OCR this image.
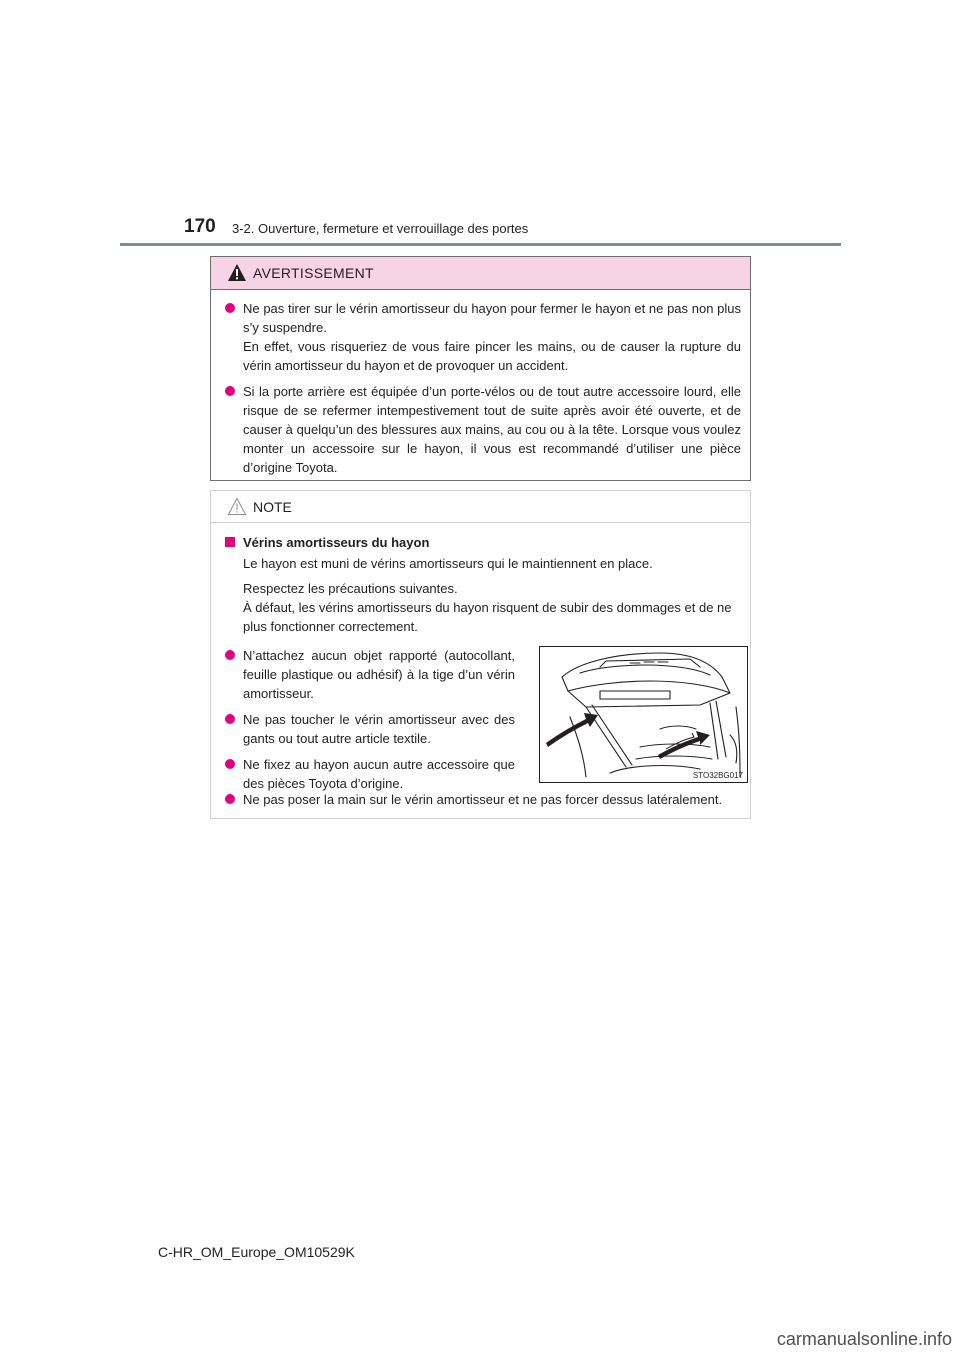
170 3-2. Ouverture, fermeture et verrouillage des portes
AVERTISSEMENT

Ne pas tirer sur le vérin amortisseur du hayon pour fermer le hayon et ne pas non plus s’y suspendre.

En effet, vous risqueriez de vous faire pincer les mains, ou de causer la rupture du vérin amortisseur du hayon et de provoquer un accident.

Si la porte arrière est équipée d’un porte-vélos ou de tout autre accessoire lourd, elle risque de se refermer intempestivement tout de suite après avoir été ouverte, et de causer à quelqu’un des blessures aux mains, au cou ou à la tête. Lorsque vous voulez monter un accessoire sur le hayon, il vous est recommandé d’utiliser une pièce d’origine Toyota.

NOTE
Vérins amortisseurs du hayon
Le hayon est muni de vérins amortisseurs qui le maintiennent en place.
Respectez les précautions suivantes.
À défaut, les vérins amortisseurs du hayon risquent de subir des dommages et de ne plus fonctionner correctement.

N’attachez aucun objet rapporté (autocollant, feuille plastique ou adhésif) à la tige d’un vérin amortisseur.

Ne pas toucher le vérin amortisseur avec des gants ou tout autre article textile.

Ne fixez au hayon aucun autre accessoire que des pièces Toyota d’origine.

STO32BG017

Ne pas poser la main sur le vérin amortisseur et ne pas forcer dessus latéralement.

C-HR_OM_Europe_OM10529K
carmanualsonline.info
